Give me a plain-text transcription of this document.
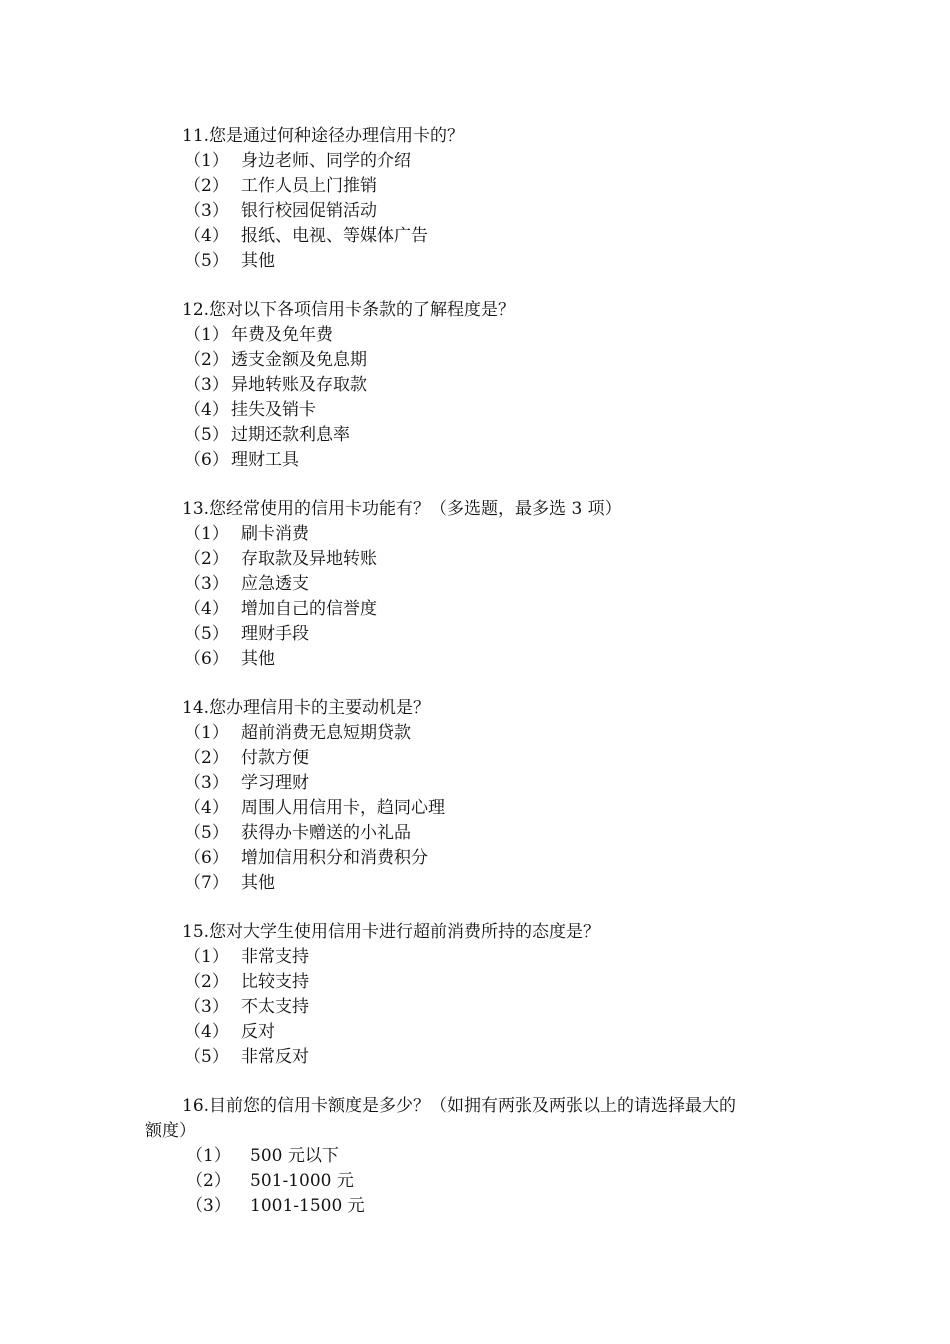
11.您是通过何种途径办理信用卡的？
（1） 身边老师、同学的介绍
（2） 工作人员上门推销
（3） 银行校园促销活动
（4） 报纸、电视、等媒体广告
（5） 其他
12.您对以下各项信用卡条款的了解程度是？
（1） 年费及免年费
（2） 透支金额及免息期
（3） 异地转账及存取款
（4） 挂失及销卡
（5） 过期还款利息率
（6） 理财工具
13.您经常使用的信用卡功能有？（多选题，最多选 3 项）
（1） 刷卡消费
（2） 存取款及异地转账
（3） 应急透支
（4） 增加自己的信誉度
（5） 理财手段
（6） 其他
14.您办理信用卡的主要动机是？
（1） 超前消费无息短期贷款
（2） 付款方便
（3） 学习理财
（4） 周围人用信用卡，趋同心理
（5） 获得办卡赠送的小礼品
（6） 增加信用积分和消费积分
（7） 其他
15.您对大学生使用信用卡进行超前消费所持的态度是？
（1） 非常支持
（2） 比较支持
（3） 不太支持
（4） 反对
（5） 非常反对
16.目前您的信用卡额度是多少？（如拥有两张及两张以上的请选择最大的
额度）
（1）	500 元以下
（2）	501-1000 元
（3）	1001-1500 元
